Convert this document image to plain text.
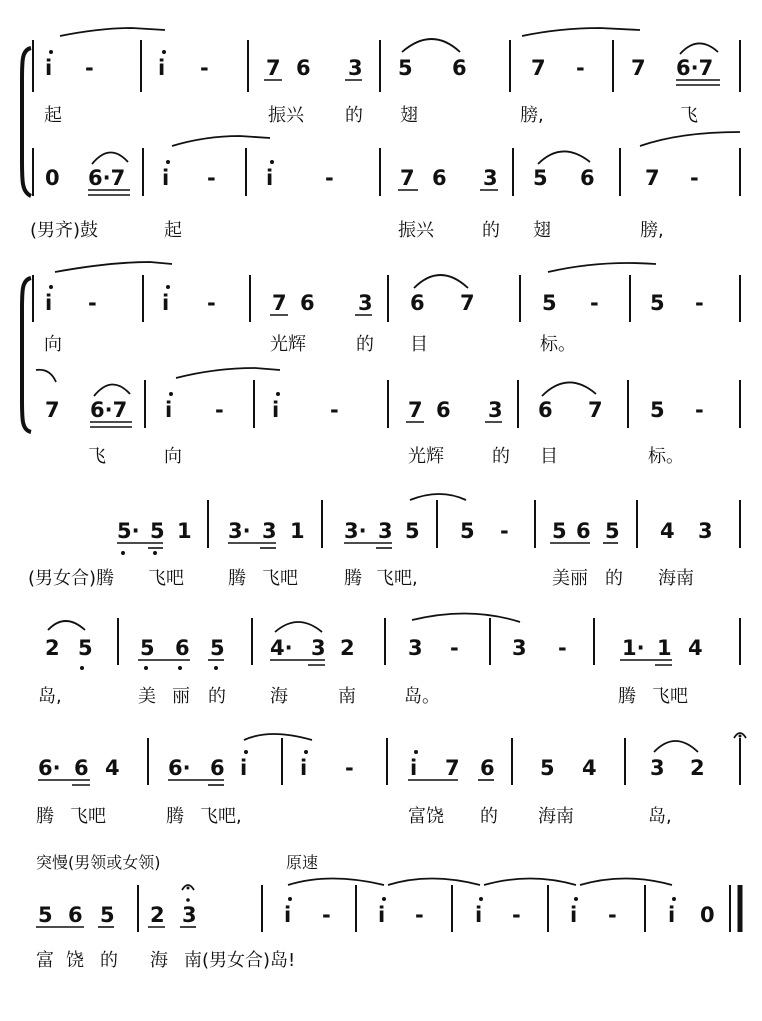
i -	i -	7 6 3 5 6	7 - 7 6·7
起	振兴 的 翅	膀,	飞
0 6·7 i - i -	7 6 3 5 6 7 -
(男齐)鼓	起	振兴	的 翅	膀,
i -	i -	7 6 3 6 7	5 - 5 -
向	光辉	的 目	标。
7 6·7 i - i -	7 6 3 6 7 5 -
飞	向	光辉	的 目	标。
5· 5 1 3· 3 1 3· 3 5 5 - 5 6 5 4 3
(男女合)腾 飞吧 腾 飞吧	腾 飞吧,	美丽 的 海南
2 5 5 6 5 4· 3 2	3 -	3 -	1· 1 4
岛,	美 丽 的 海	南	岛。	腾 飞吧
6· 6 4 6· 6 i	i -	i 7 6 5 4	3 2
腾 飞吧	腾 飞吧,	富饶 的 海南	岛,
突慢(男领或女领)	原速
5 6 5 2 3	i - i - i - i - i 0
富 饶 的 海 南(男女合)岛!
